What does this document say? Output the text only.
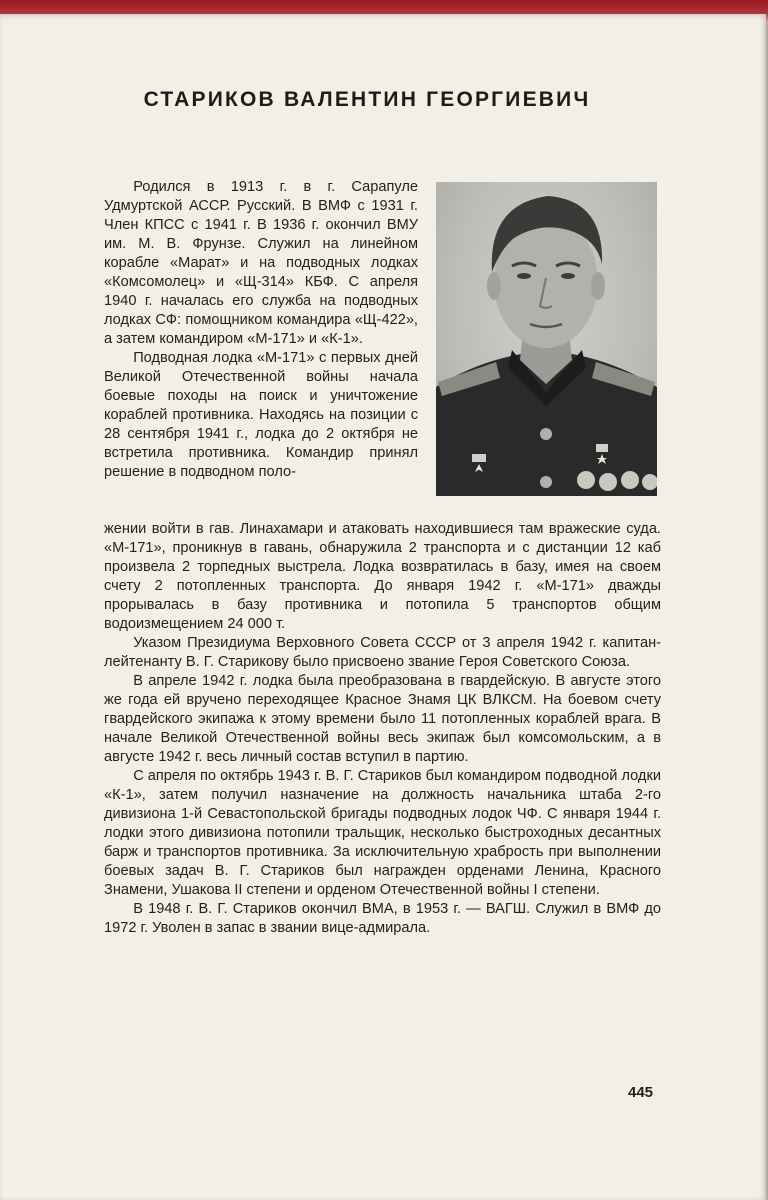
СТАРИКОВ ВАЛЕНТИН ГЕОРГИЕВИЧ

Родился в 1913 г. в г. Сарапуле Удмуртской АССР. Русский. В ВМФ с 1931 г. Член КПСС с 1941 г. В 1936 г. окончил ВМУ им. М. В. Фрунзе. Служил на линейном корабле «Марат» и на подводных лодках «Комсомолец» и «Щ-314» КБФ. С апреля 1940 г. началась его служба на подводных лодках СФ: помощником командира «Щ-422», а затем командиром «М-171» и «К-1».

Подводная лодка «М-171» с первых дней Великой Отечественной войны начала боевые походы на поиск и уничтожение кораблей противника. Находясь на позиции с 28 сентября 1941 г., лодка до 2 октября не встретила противника. Командир принял решение в подводном поло-

жении войти в гав. Линахамари и атаковать находившиеся там вражеские суда. «М-171», проникнув в гавань, обнаружила 2 транспорта и с дистанции 12 каб произвела 2 торпедных выстрела. Лодка возвратилась в базу, имея на своем счету 2 потопленных транспорта. До января 1942 г. «М-171» дважды прорывалась в базу противника и потопила 5 транспортов общим водоизмещением 24 000 т.

Указом Президиума Верховного Совета СССР от 3 апреля 1942 г. капитан-лейтенанту В. Г. Старикову было присвоено звание Героя Советского Союза.

В апреле 1942 г. лодка была преобразована в гвардейскую. В августе этого же года ей вручено переходящее Красное Знамя ЦК ВЛКСМ. На боевом счету гвардейского экипажа к этому времени было 11 потопленных кораблей врага. В начале Великой Отечественной войны весь экипаж был комсомольским, а в августе 1942 г. весь личный состав вступил в партию.

С апреля по октябрь 1943 г. В. Г. Стариков был командиром подводной лодки «К-1», затем получил назначение на должность начальника штаба 2-го дивизиона 1-й Севастопольской бригады подводных лодок ЧФ. С января 1944 г. лодки этого дивизиона потопили тральщик, несколько быстроходных десантных барж и транспортов противника. За исключительную храбрость при выполнении боевых задач В. Г. Стариков был награжден орденами Ленина, Красного Знамени, Ушакова II степени и орденом Отечественной войны I степени.

В 1948 г. В. Г. Стариков окончил ВМА, в 1953 г. — ВАГШ. Служил в ВМФ до 1972 г. Уволен в запас в звании вице-адмирала.

445
